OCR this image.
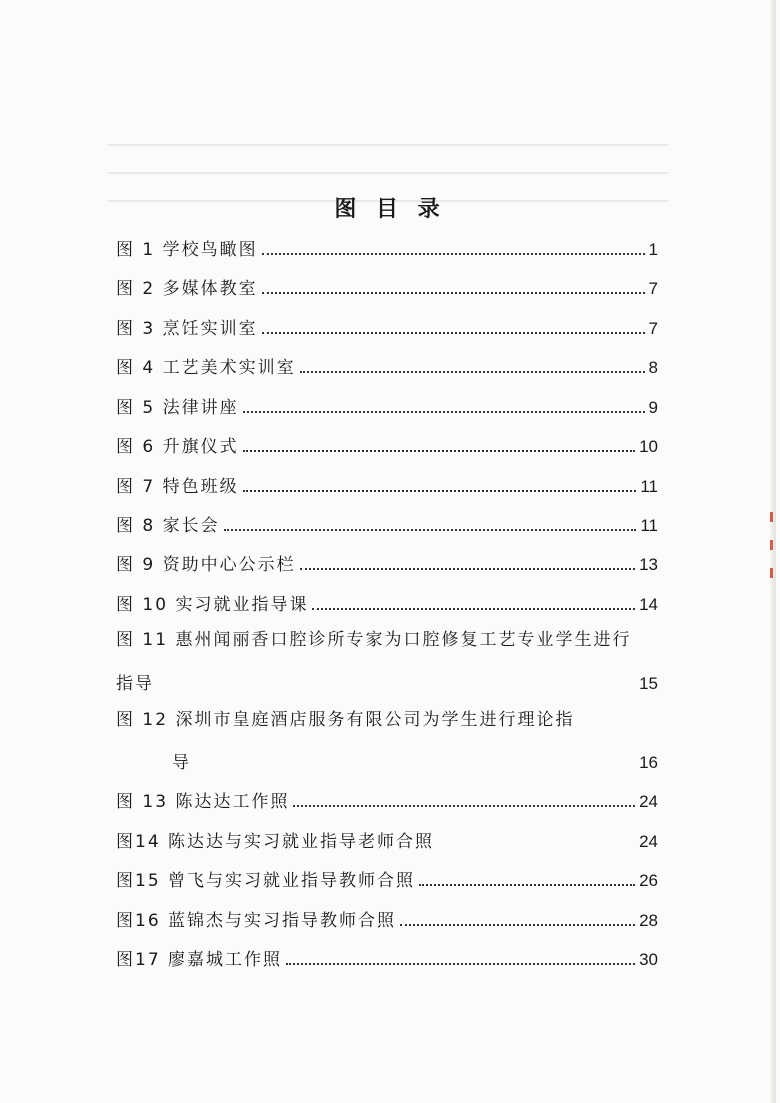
图 目 录
图 1 学校鸟瞰图	1
图 2 多媒体教室	7
图 3 烹饪实训室	7
图 4 工艺美术实训室	8
图 5 法律讲座	9
图 6 升旗仪式	10
图 7 特色班级	11
图 8 家长会	11
图 9 资助中心公示栏	13
图 10 实习就业指导课	14
图 11 惠州闻丽香口腔诊所专家为口腔修复工艺专业学生进行
指导	15
图 12 深圳市皇庭酒店服务有限公司为学生进行理论指
导	16
图 13 陈达达工作照	24
图14 陈达达与实习就业指导老师合照	24
图15 曾飞与实习就业指导教师合照	26
图16 蓝锦杰与实习指导教师合照	28
图17 廖嘉城工作照	30
